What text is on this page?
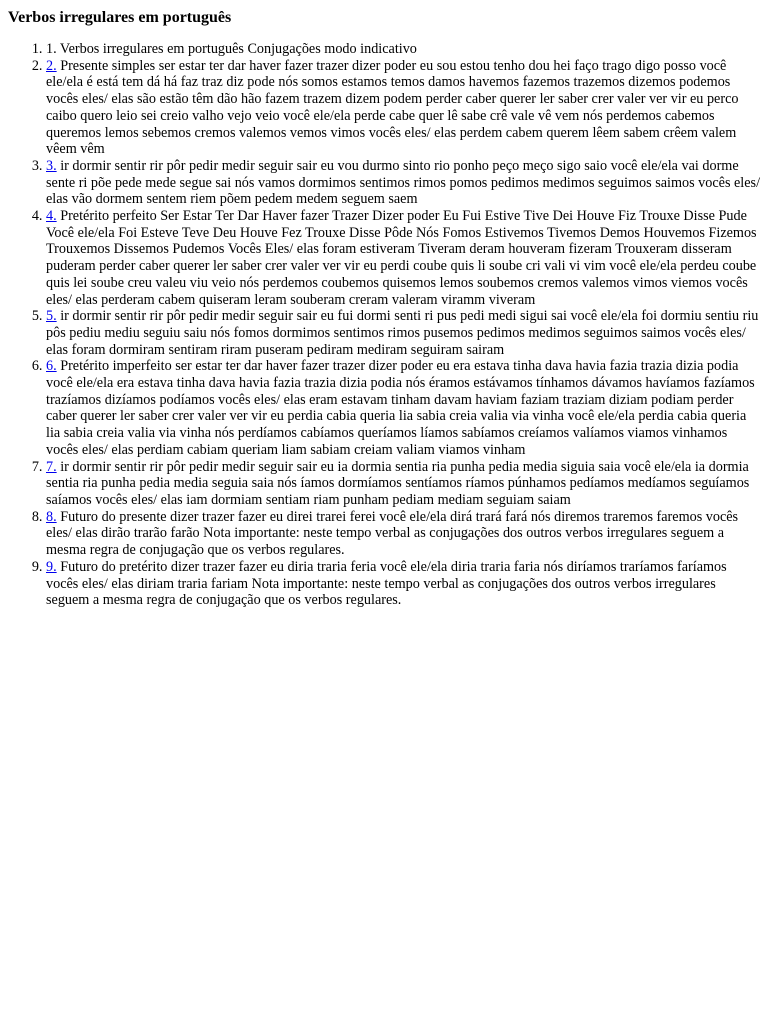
Verbos irregulares em português
1. 1. Verbos irregulares em português Conjugações modo indicativo
2. 2. Presente simples ser estar ter dar haver fazer trazer dizer poder eu sou estou tenho dou hei faço trago digo posso você ele/ela é está tem dá há faz traz diz pode nós somos estamos temos damos havemos fazemos trazemos dizemos podemos vocês eles/ elas são estão têm dão hão fazem trazem dizem podem perder caber querer ler saber crer valer ver vir eu perco caibo quero leio sei creio valho vejo veio você ele/ela perde cabe quer lê sabe crê vale vê vem nós perdemos cabemos queremos lemos sebemos cremos valemos vemos vimos vocês eles/ elas perdem cabem querem lêem sabem crêem valem vêem vêm
3. 3. ir dormir sentir rir pôr pedir medir seguir sair eu vou durmo sinto rio ponho peço meço sigo saio você ele/ela vai dorme sente ri põe pede mede segue sai nós vamos dormimos sentimos rimos pomos pedimos medimos seguimos saimos vocês eles/ elas vão dormem sentem riem põem pedem medem seguem saem
4. 4. Pretérito perfeito Ser Estar Ter Dar Haver fazer Trazer Dizer poder Eu Fui Estive Tive Dei Houve Fiz Trouxe Disse Pude Você ele/ela Foi Esteve Teve Deu Houve Fez Trouxe Disse Pôde Nós Fomos Estivemos Tivemos Demos Houvemos Fizemos Trouxemos Dissemos Pudemos Vocês Eles/ elas foram estiveram Tiveram deram houveram fizeram Trouxeram disseram puderam perder caber querer ler saber crer valer ver vir eu perdi coube quis li soube cri vali vi vim você ele/ela perdeu coube quis lei soube creu valeu viu veio nós perdemos coubemos quisemos lemos soubemos cremos valemos vimos viemos vocês eles/ elas perderam cabem quiseram leram souberam creram valeram viramm viveram
5. 5. ir dormir sentir rir pôr pedir medir seguir sair eu fui dormi senti ri pus pedi medi sigui sai você ele/ela foi dormiu sentiu riu pôs pediu mediu seguiu saiu nós fomos dormimos sentimos rimos pusemos pedimos medimos seguimos saimos vocês eles/ elas foram dormiram sentiram riram puseram pediram mediram seguiram sairam
6. 6. Pretérito imperfeito ser estar ter dar haver fazer trazer dizer poder eu era estava tinha dava havia fazia trazia dizia podia você ele/ela era estava tinha dava havia fazia trazia dizia podia nós éramos estávamos tínhamos dávamos havíamos fazíamos trazíamos dizíamos podíamos vocês eles/ elas eram estavam tinham davam haviam faziam traziam diziam podiam perder caber querer ler saber crer valer ver vir eu perdia cabia queria lia sabia creia valia via vinha você ele/ela perdia cabia queria lia sabia creia valia via vinha nós perdíamos cabíamos queríamos líamos sabíamos creíamos valíamos viamos vinhamos vocês eles/ elas perdiam cabiam queriam liam sabiam creiam valiam viamos vinham
7. 7. ir dormir sentir rir pôr pedir medir seguir sair eu ia dormia sentia ria punha pedia media siguia saia você ele/ela ia dormia sentia ria punha pedia media seguia saia nós íamos dormíamos sentíamos ríamos púnhamos pedíamos medíamos seguíamos saíamos vocês eles/ elas iam dormiam sentiam riam punham pediam mediam seguiam saiam
8. 8. Futuro do presente dizer trazer fazer eu direi trarei ferei você ele/ela dirá trará fará nós diremos traremos faremos vocês eles/ elas dirão trarão farão Nota importante: neste tempo verbal as conjugações dos outros verbos irregulares seguem a mesma regra de conjugação que os verbos regulares.
9. 9. Futuro do pretérito dizer trazer fazer eu diria traria feria você ele/ela diria traria faria nós diríamos traríamos faríamos vocês eles/ elas diriam traria fariam Nota importante: neste tempo verbal as conjugações dos outros verbos irregulares seguem a mesma regra de conjugação que os verbos regulares.
